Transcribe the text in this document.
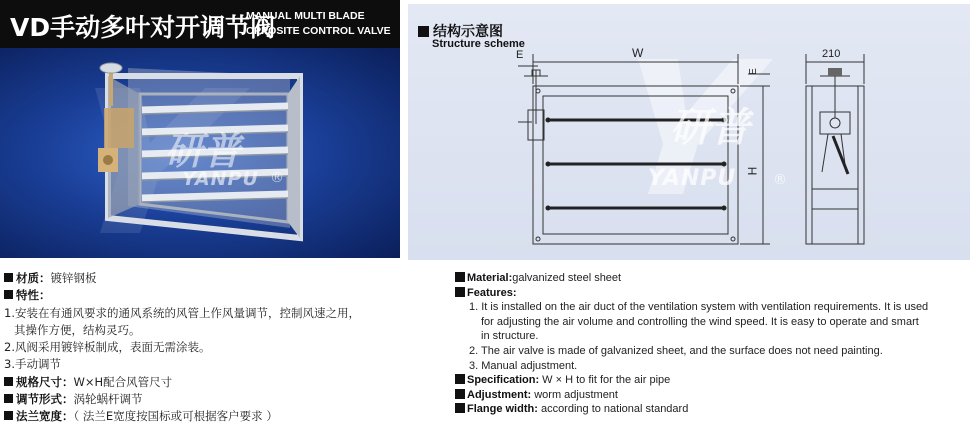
VD手动多叶对开调节阀
MANUAL MULTI BLADE
OPPOSITE CONTROL VALVE
研普
YANPU ®
结构示意图
Structure scheme
W
E
E
H
210
研普
YANPU	®
材质：镀锌钢板
特性：
1.安装在有通风要求的通风系统的风管上作风量调节，控制风速之用，
其操作方便，结构灵巧。
2.风阀采用镀锌板制成，表面无需涂装。
3.手动调节
规格尺寸：W×H配合风管尺寸
调节形式：涡轮蜗杆调节
法兰宽度：（ 法兰E宽度按国标或可根据客户要求 ）
Material:galvanized steel sheet
Features:
1. It is installed on the air duct of the ventilation system with ventilation requirements. It is used
for adjusting the air volume and controlling the wind speed. It is easy to operate and smart
in structure.
2. The air valve is made of galvanized sheet, and the surface does not need painting.
3. Manual adjustment.
Specification: W × H to fit for the air pipe
Adjustment: worm adjustment
Flange width: according to national standard
